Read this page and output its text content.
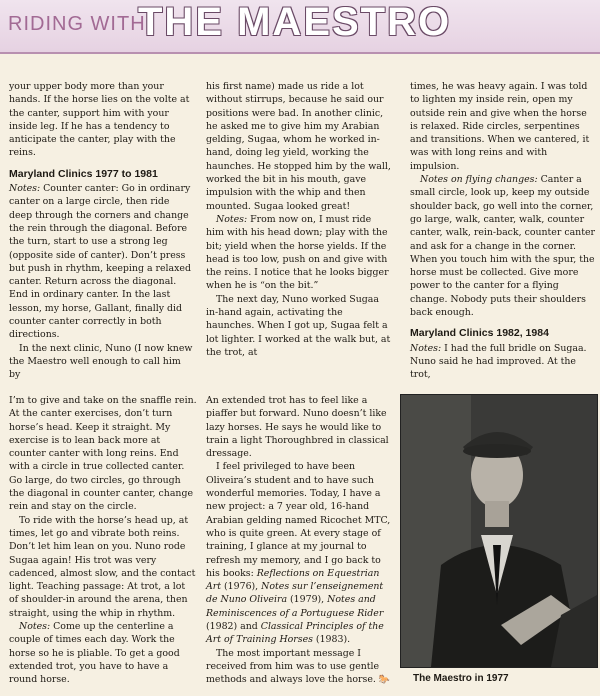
RIDING WITH
THE MAESTRO

your upper body more than your hands. If the horse lies on the volte at the canter, support him with your inside leg. If he has a tendency to anticipate the canter, play with the reins.

Maryland Clinics 1977 to 1981

Notes: Counter canter: Go in ordinary canter on a large circle, then ride deep through the corners and change the rein through the diagonal. Before the turn, start to use a strong leg (opposite side of canter). Don’t press but push in rhythm, keeping a relaxed canter. Return across the diagonal. End in ordinary canter. In the last lesson, my horse, Gallant, finally did counter canter correctly in both directions.

In the next clinic, Nuno (I now knew the Maestro well enough to call him by

his first name) made us ride a lot without stirrups, because he said our positions were bad. In another clinic, he asked me to give him my Arabian gelding, Sugaa, whom he worked in-hand, doing leg yield, working the haunches. He stopped him by the wall, worked the bit in his mouth, gave impulsion with the whip and then mounted. Sugaa looked great!

Notes: From now on, I must ride him with his head down; play with the bit; yield when the horse yields. If the head is too low, push on and give with the reins. I notice that he looks bigger when he is “on the bit.”

The next day, Nuno worked Sugaa in-hand again, activating the haunches. When I got up, Sugaa felt a lot lighter. I worked at the walk but, at the trot, at

times, he was heavy again. I was told to lighten my inside rein, open my outside rein and give when the horse is relaxed. Ride circles, serpentines and transitions. When we cantered, it was with long reins and with impulsion.

Notes on flying changes: Canter a small circle, look up, keep my outside shoulder back, go well into the corner, go large, walk, canter, walk, counter canter, walk, rein-back, counter canter and ask for a change in the corner. When you touch him with the spur, the horse must be collected. Give more power to the canter for a flying change. Nobody puts their shoulders back enough.

Maryland Clinics 1982, 1984

Notes: I had the full bridle on Sugaa. Nuno said he had improved. At the trot,

I’m to give and take on the snaffle rein. At the canter exercises, don’t turn horse’s head. Keep it straight. My exercise is to lean back more at counter canter with long reins. End with a circle in true collected canter. Go large, do two circles, go through the diagonal in counter canter, change rein and stay on the circle.

To ride with the horse’s head up, at times, let go and vibrate both reins. Don’t let him lean on you. Nuno rode Sugaa again! His trot was very cadenced, almost slow, and the contact light. Teaching passage: At trot, a lot of shoulder-in around the arena, then straight, using the whip in rhythm.

Notes: Come up the centerline a couple of times each day. Work the horse so he is pliable. To get a good extended trot, you have to have a round horse.

An extended trot has to feel like a piaffer but forward. Nuno doesn’t like lazy horses. He says he would like to train a light Thoroughbred in classical dressage.

I feel privileged to have been Oliveira’s student and to have such wonderful memories. Today, I have a new project: a 7 year old, 16-hand Arabian gelding named Ricochet MTC, who is quite green. At every stage of training, I glance at my journal to refresh my memory, and I go back to his books: Reflections on Equestrian Art (1976), Notes sur l’enseignement de Nuno Oliveira (1979), Notes and Reminiscences of a Portuguese Rider (1982) and Classical Principles of the Art of Training Horses (1983).

The most important message I received from him was to use gentle methods and always love the horse. 🐎	The Maestro in 1977
